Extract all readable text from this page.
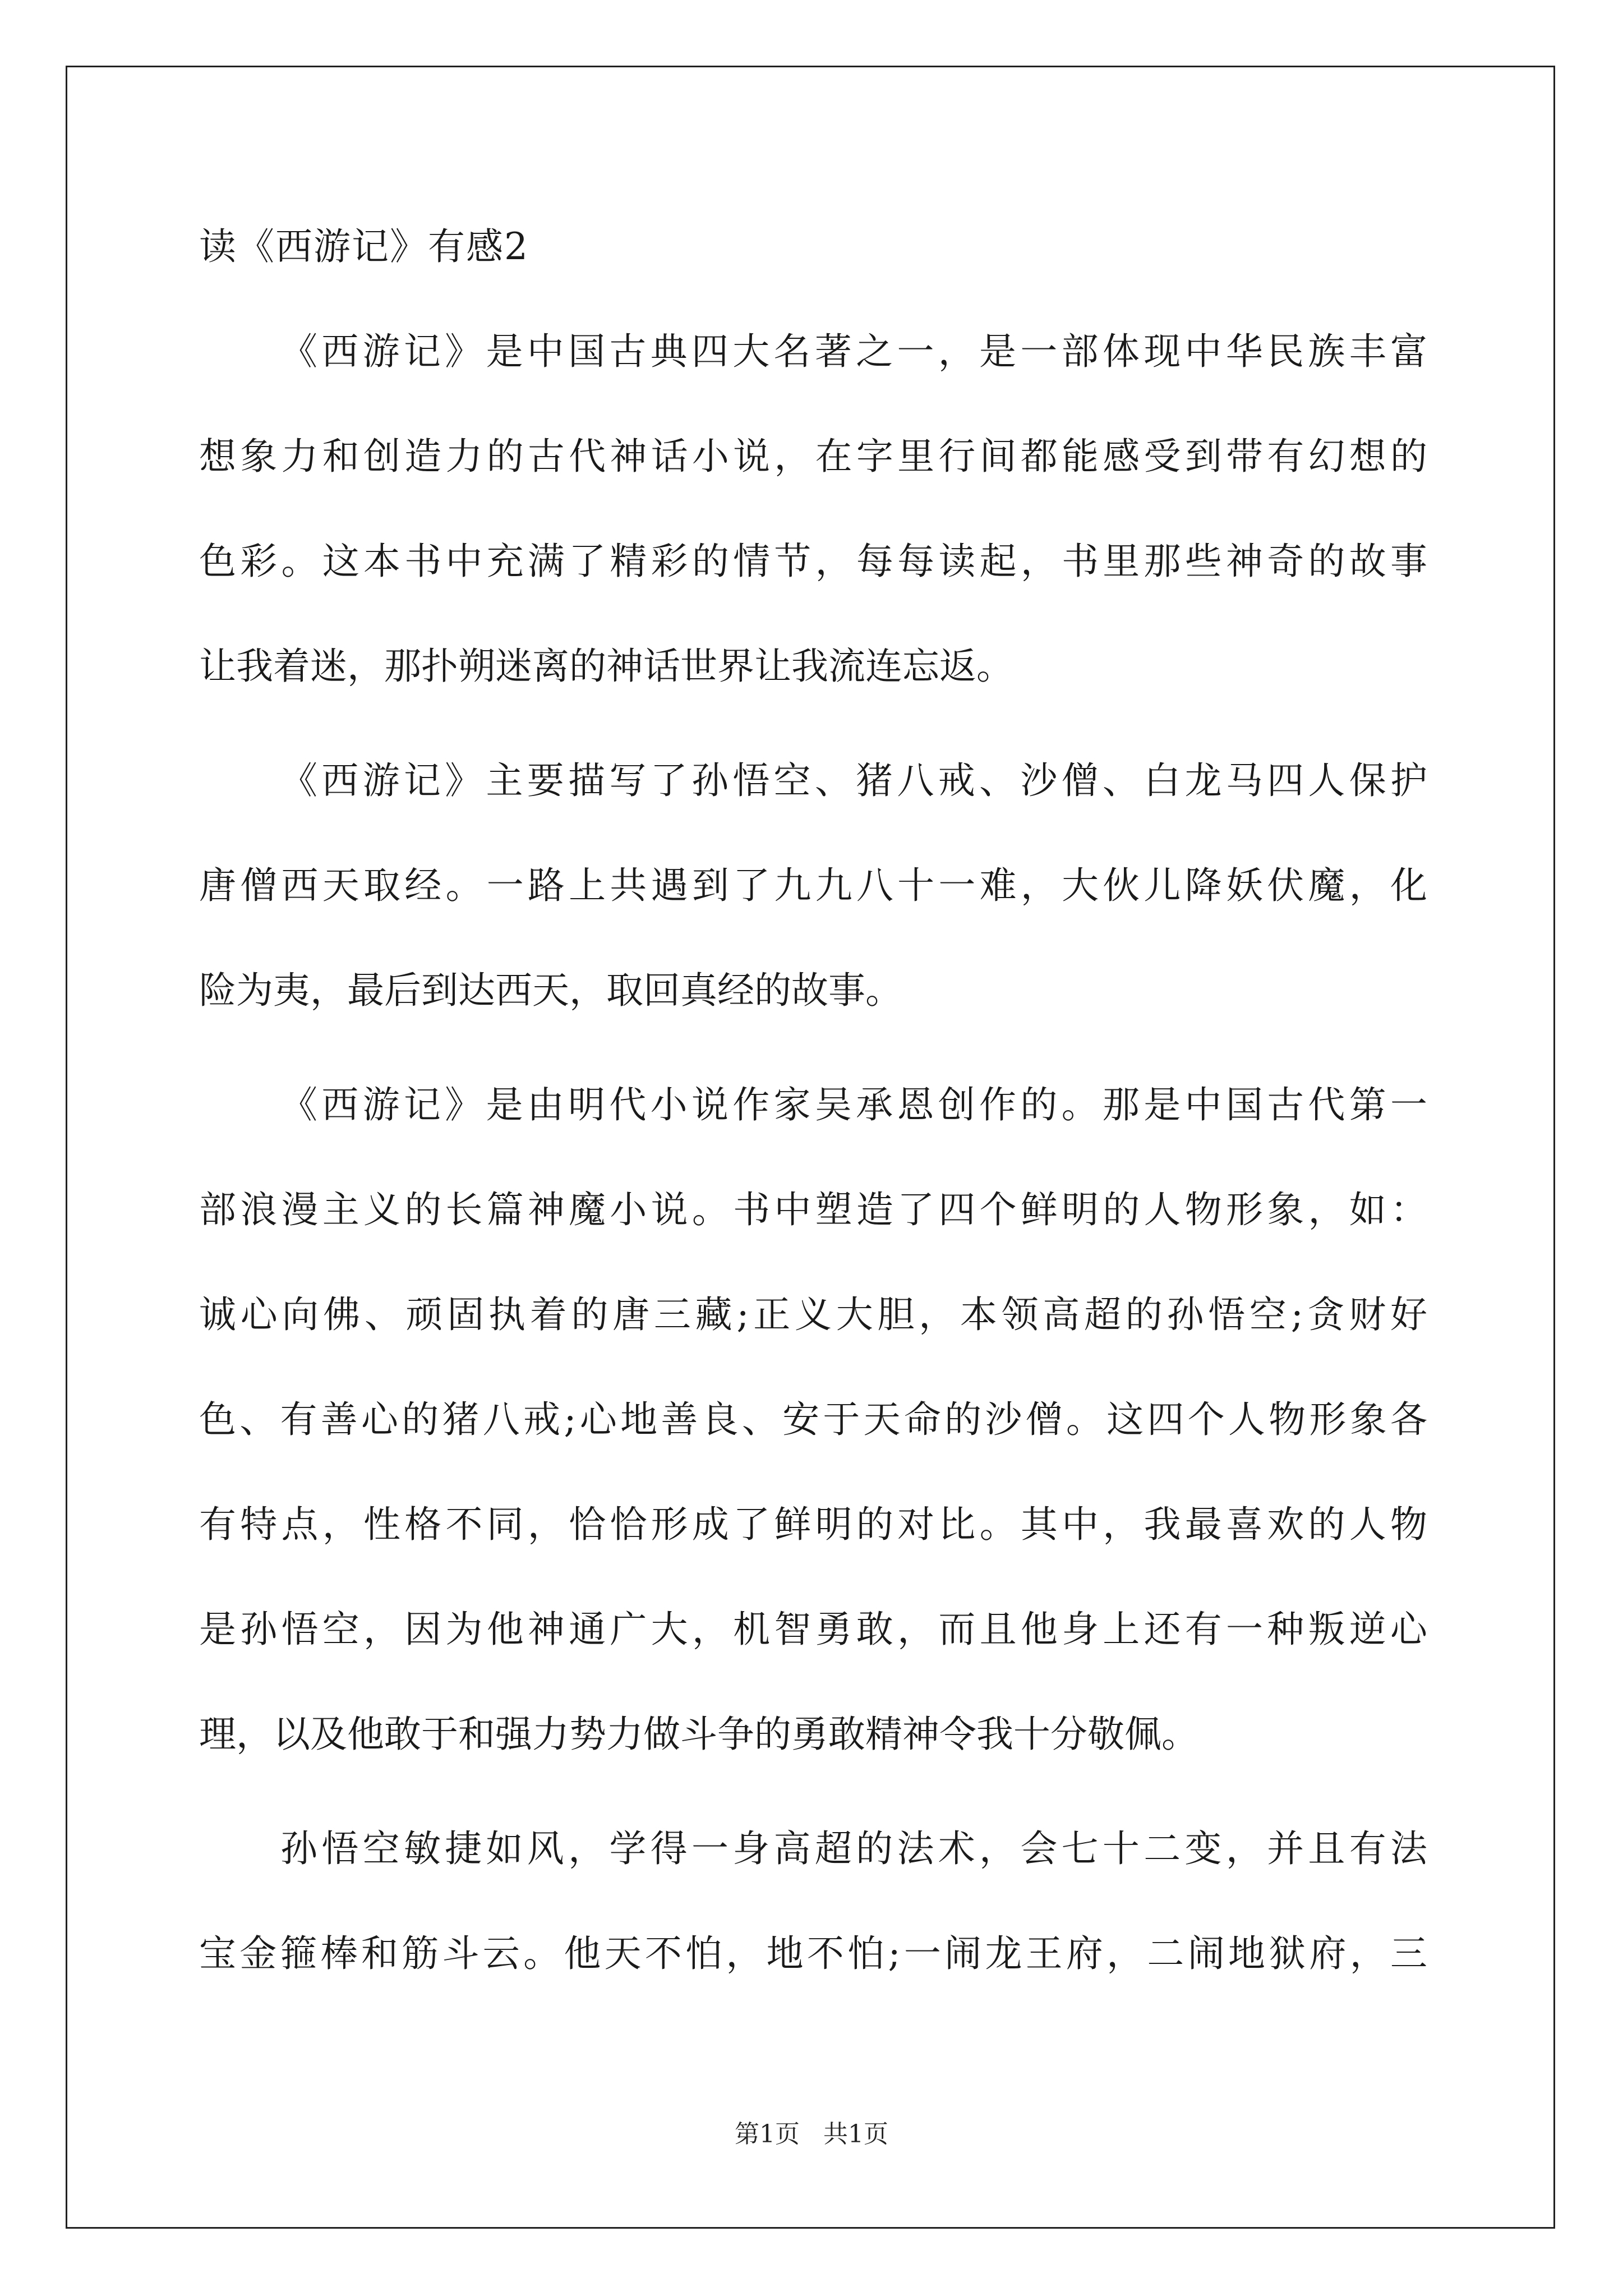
读《西游记》有感2
《西游记》是中国古典四大名著之一，是一部体现中华民族丰富
想象力和创造力的古代神话小说，在字里行间都能感受到带有幻想的
色彩。这本书中充满了精彩的情节，每每读起，书里那些神奇的故事
让我着迷，那扑朔迷离的神话世界让我流连忘返。
《西游记》主要描写了孙悟空、猪八戒、沙僧、白龙马四人保护
唐僧西天取经。一路上共遇到了九九八十一难，大伙儿降妖伏魔，化
险为夷，最后到达西天，取回真经的故事。
《西游记》是由明代小说作家吴承恩创作的。那是中国古代第一
部浪漫主义的长篇神魔小说。书中塑造了四个鲜明的人物形象，如：
诚心向佛、顽固执着的唐三藏;正义大胆，本领高超的孙悟空;贪财好
色、有善心的猪八戒;心地善良、安于天命的沙僧。这四个人物形象各
有特点，性格不同，恰恰形成了鲜明的对比。其中，我最喜欢的人物
是孙悟空，因为他神通广大，机智勇敢，而且他身上还有一种叛逆心
理，以及他敢于和强力势力做斗争的勇敢精神令我十分敬佩。
孙悟空敏捷如风，学得一身高超的法术，会七十二变，并且有法
宝金箍棒和筋斗云。他天不怕，地不怕;一闹龙王府，二闹地狱府，三
第1页 共1页
